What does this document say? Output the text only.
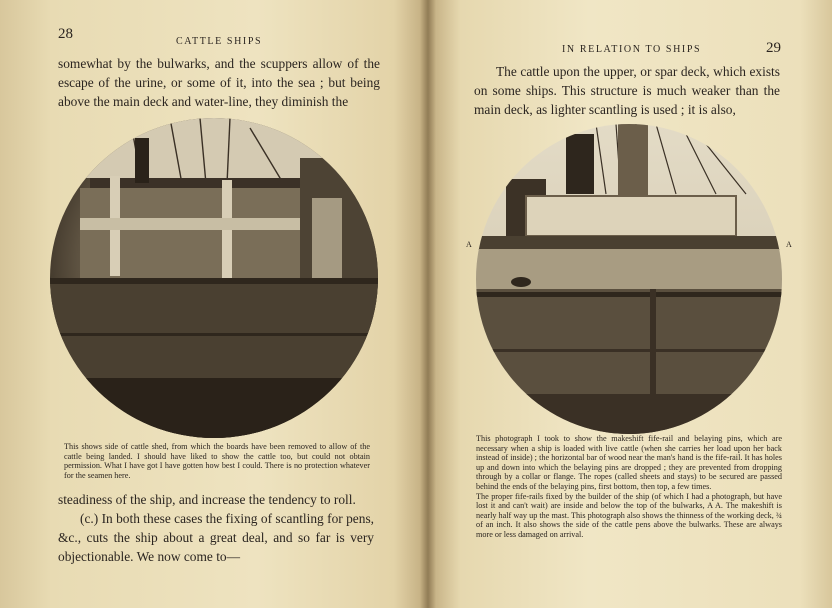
28	CATTLE SHIPS

somewhat by the bulwarks, and the scuppers allow of the escape of the urine, or some of it, into the sea ; but being above the main deck and water-line, they diminish the

This shows side of cattle shed, from which the boards have been removed to allow of the cattle being landed. I should have liked to show the cattle too, but could not obtain permission. What I have got I have gotten how best I could. There is no protection whatever for the seamen here.

steadiness of the ship, and increase the tendency to roll.

(c.) In both these cases the fixing of scantling for pens, &c., cuts the ship about a great deal, and so far is very objectionable. We now come to—

IN RELATION TO SHIPS	29

The cattle upon the upper, or spar deck, which exists on some ships. This structure is much weaker than the main deck, as lighter scantling is used ; it is also,

A	A

This photograph I took to show the makeshift fife-rail and belaying pins, which are necessary when a ship is loaded with live cattle (when she carries her load upon her back instead of inside) ; the horizontal bar of wood near the man's hand is the fife-rail. It has holes up and down into which the belaying pins are dropped ; they are prevented from dropping through by a collar or flange. The ropes (called sheets and stays) to be secured are passed behind the ends of the belaying pins, first bottom, then top, a few times.

The proper fife-rails fixed by the builder of the ship (of which I had a photograph, but have lost it and can't wait) are inside and below the top of the bulwarks, A A. The makeshift is nearly half way up the mast. This photograph also shows the thinness of the working deck, ¾ of an inch. It also shows the side of the cattle pens above the bulwarks. These are always more or less damaged on arrival.
